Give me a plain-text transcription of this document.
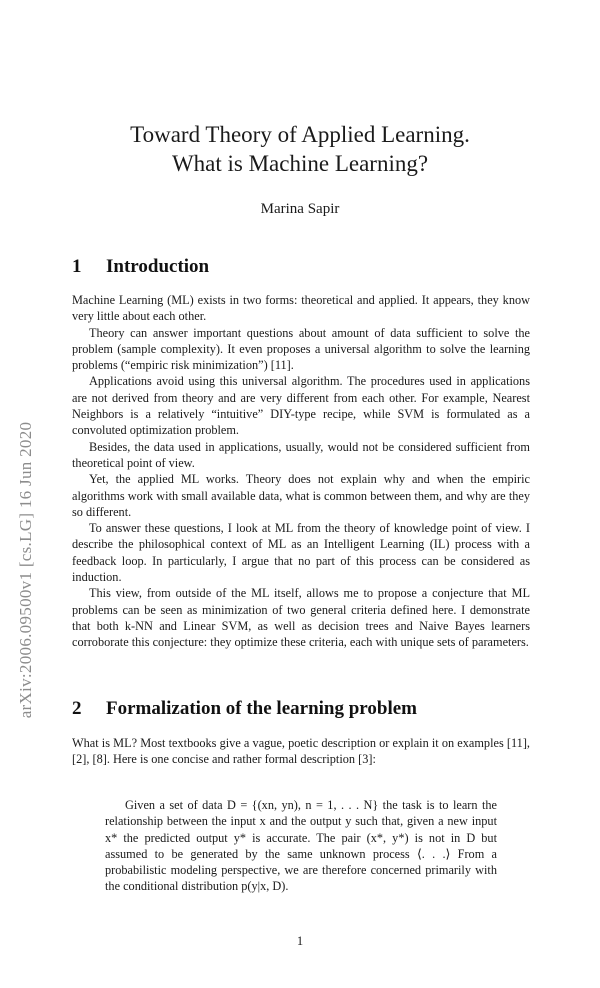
arXiv:2006.09500v1 [cs.LG] 16 Jun 2020
Toward Theory of Applied Learning.
What is Machine Learning?
Marina Sapir
1 Introduction

Machine Learning (ML) exists in two forms: theoretical and applied. It appears, they know very little about each other.

Theory can answer important questions about amount of data sufficient to solve the problem (sample complexity). It even proposes a universal algorithm to solve the learning problems (“empiric risk minimization”) [11].

Applications avoid using this universal algorithm. The procedures used in applications are not derived from theory and are very different from each other. For example, Nearest Neighbors is a relatively “intuitive” DIY-type recipe, while SVM is formulated as a convoluted optimization problem.

Besides, the data used in applications, usually, would not be considered sufficient from theoretical point of view.

Yet, the applied ML works. Theory does not explain why and when the empiric algorithms work with small available data, what is common between them, and why are they so different.

To answer these questions, I look at ML from the theory of knowledge point of view. I describe the philosophical context of ML as an Intelligent Learning (IL) process with a feedback loop. In particularly, I argue that no part of this process can be considered as induction.

This view, from outside of the ML itself, allows me to propose a conjecture that ML problems can be seen as minimization of two general criteria defined here. I demonstrate that both k-NN and Linear SVM, as well as decision trees and Naive Bayes learners corroborate this conjecture: they optimize these criteria, each with unique sets of parameters.

2 Formalization of the learning problem

What is ML? Most textbooks give a vague, poetic description or explain it on examples [11], [2], [8]. Here is one concise and rather formal description [3]:

Given a set of data D = {(xn, yn), n = 1, . . . N} the task is to learn the relationship between the input x and the output y such that, given a new input x* the predicted output y* is accurate. The pair (x*, y*) is not in D but assumed to be generated by the same unknown process ⟨. . .⟩ From a probabilistic modeling perspective, we are therefore concerned primarily with the conditional distribution p(y|x, D).

1
